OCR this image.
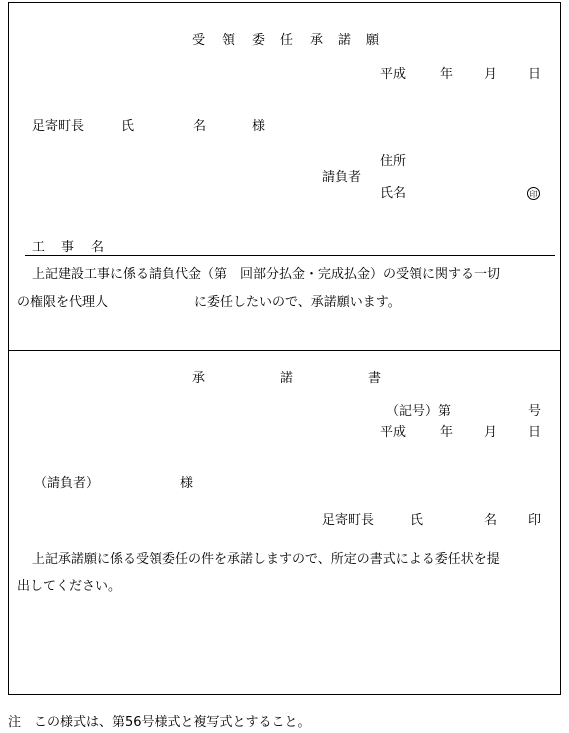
受 領 委 任 承 諾 願
平成	年 月 日
足寄町長	氏	名	様
住所
請負者
氏名	印
工 事 名
上記建設工事に係る請負代金（第　回部分払金・完成払金）の受領に関する一切
の権限を代理人	に委任したいので、承諾願います。
承	諾	書
（記号）第	号
平成	年 月 日
（請負者）	様
足寄町長	氏	名 印
上記承諾願に係る受領委任の件を承諾しますので、所定の書式による委任状を提
出してください。
注　この様式は、第56号様式と複写式とすること。
